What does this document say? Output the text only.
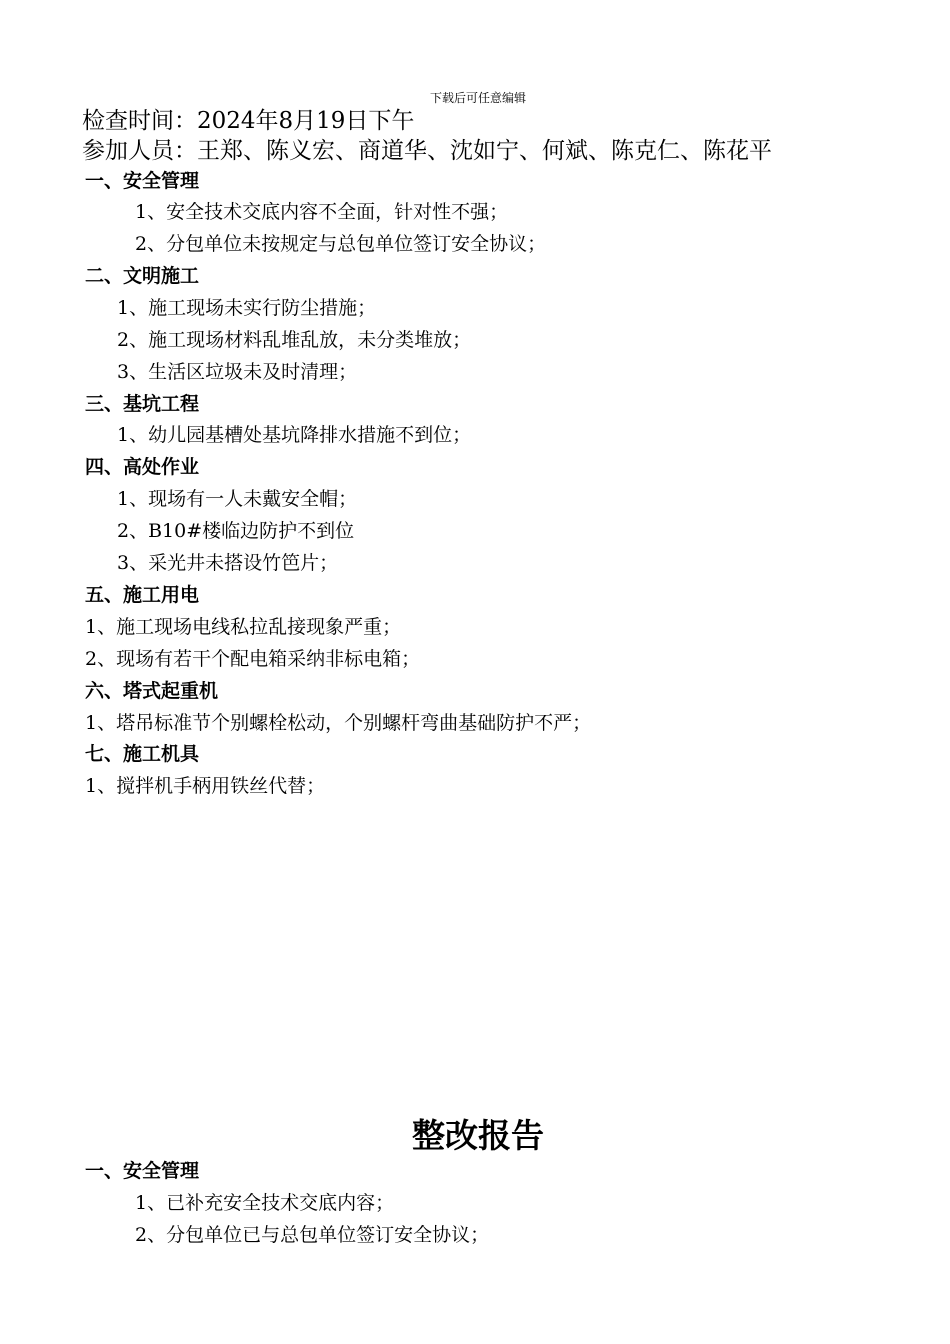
下载后可任意编辑
检查时间：2024年8月19日下午
参加人员：王郑、陈义宏、商道华、沈如宁、何斌、陈克仁、陈花平
一、安全管理
1、安全技术交底内容不全面，针对性不强；
2、分包单位未按规定与总包单位签订安全协议；
二、文明施工
1、施工现场未实行防尘措施；
2、施工现场材料乱堆乱放，未分类堆放；
3、生活区垃圾未及时清理；
三、基坑工程
1、幼儿园基槽处基坑降排水措施不到位；
四、高处作业
1、现场有一人未戴安全帽；
2、B10#楼临边防护不到位
3、采光井未搭设竹笆片；
五、施工用电
1、施工现场电线私拉乱接现象严重；
2、现场有若干个配电箱采纳非标电箱；
六、塔式起重机
1、塔吊标准节个别螺栓松动，个别螺杆弯曲基础防护不严；
七、施工机具
1、搅拌机手柄用铁丝代替；
整改报告
一、安全管理
1、已补充安全技术交底内容；
2、分包单位已与总包单位签订安全协议；
